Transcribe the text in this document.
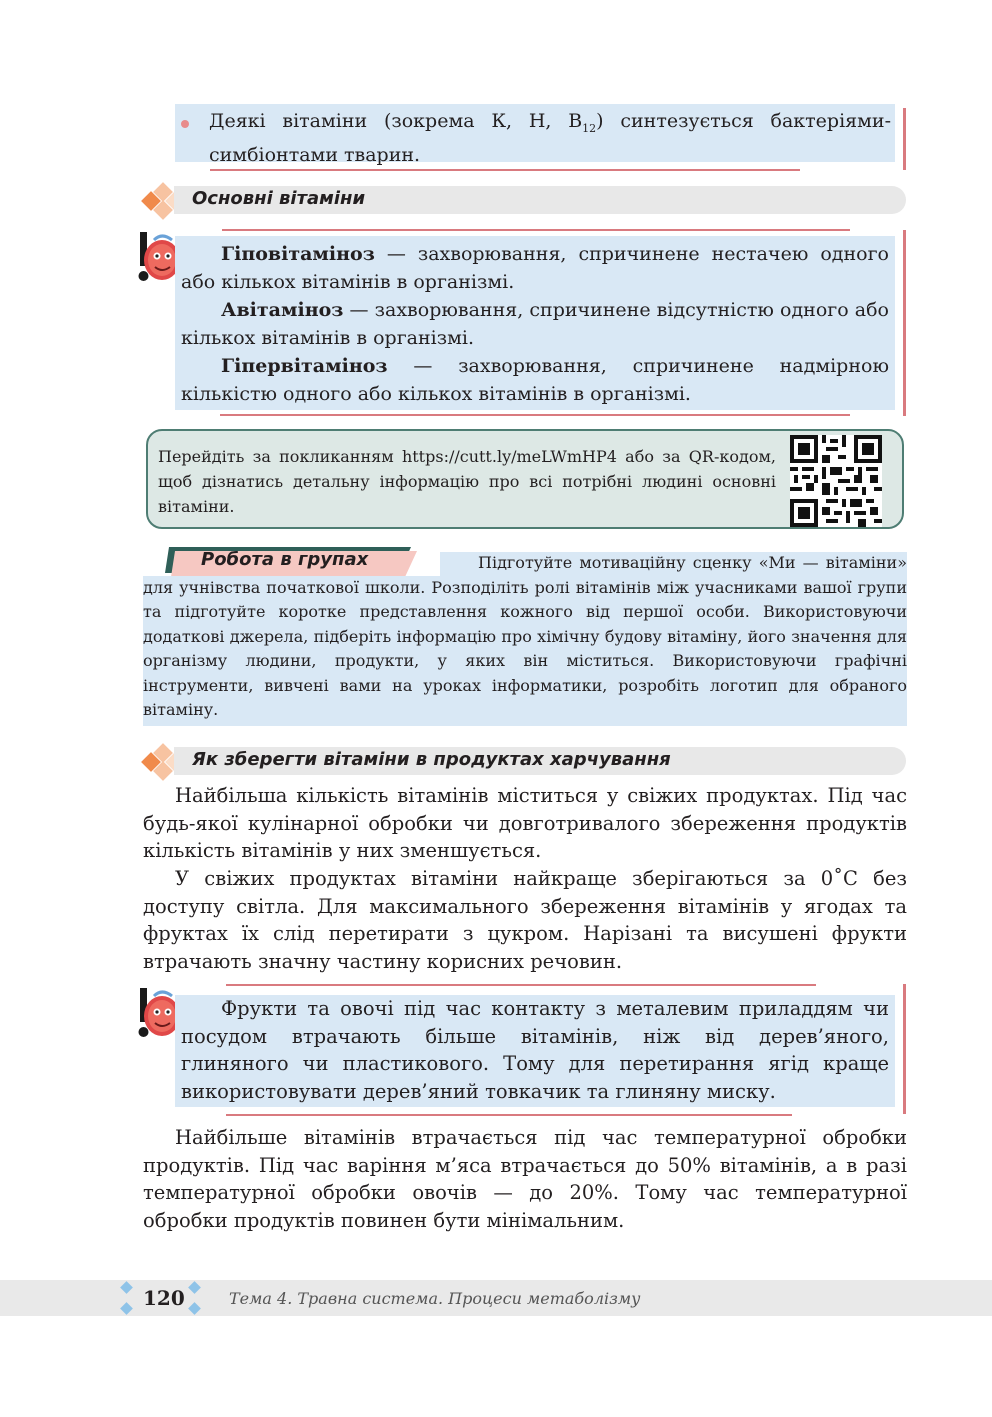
Деякі вітаміни (зокрема К, Н, $В_{12}$) синтезується бактеріями-симбіонтами тварин.

Основні вітаміни

Гіповітаміноз — захворювання, спричинене нестачею одного або кількох вітамінів в організмі.

Авітаміноз — захворювання, спричинене відсутністю одного або кількох вітамінів в організмі.

Гіпервітаміноз — захворювання, спричинене надмірною кількістю одного або кількох вітамінів в організмі.

Перейдіть за покликанням https://cutt.ly/meLWmHP4 або за QR-кодом, щоб дізнатись детальну інформацію про всі потрібні людині основні вітаміни.

Робота в групах	Підготуйте мотиваційну сценку «Ми — вітаміни» для учнівства початкової школи. Розподіліть ролі вітамінів між учасниками вашої групи та підготуйте коротке представлення кожного від першої особи. Використовуючи додаткові джерела, підберіть інформацію про хімічну будову вітаміну, його значення для організму людини, продукти, у яких він міститься. Використовуючи графічні інструменти, вивчені вами на уроках інформатики, розробіть логотип для обраного вітаміну.

Як зберегти вітаміни в продуктах харчування

Найбільша кількість вітамінів міститься у свіжих продуктах. Під час будь-якої кулінарної обробки чи довготривалого збереження продуктів кількість вітамінів у них зменшується.

У свіжих продуктах вітаміни найкраще зберігаються за 0˚С без доступу світла. Для максимального збереження вітамінів у ягодах та фруктах їх слід перетирати з цукром. Нарізані та висушені фрукти втрачають значну частину корисних речовин.

Фрукти та овочі під час контакту з металевим приладдям чи посудом втрачають більше вітамінів, ніж від дерев’яного, глиняного чи пластикового. Тому для перетирання ягід краще використовувати дерев’яний товкачик та глиняну миску.

Найбільше вітамінів втрачається під час температурної обробки продуктів. Під час варіння м’яса втрачається до 50% вітамінів, а в разі температурної обробки овочів — до 20%. Тому час температурної обробки продуктів повинен бути мінімальним.

120	Тема 4. Травна система. Процеси метаболізму
